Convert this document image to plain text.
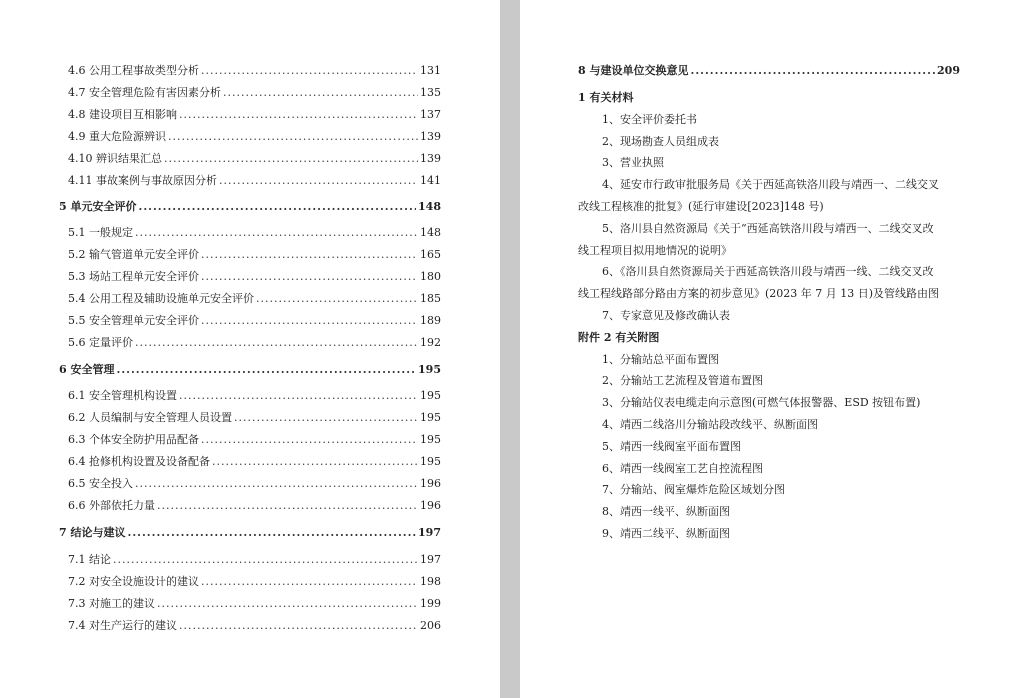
4.6 公用工程事故类型分析 .....	131
4.7 安全管理危险有害因素分析 .....	135
4.8 建设项目互相影响 .....	137
4.9 重大危险源辨识 .....	139
4.10 辨识结果汇总 .....	139
4.11 事故案例与事故原因分析 .....	141
5 单元安全评价 .....	148
5.1 一般规定 .....	148
5.2 输气管道单元安全评价 .....	165
5.3 场站工程单元安全评价 .....	180
5.4 公用工程及辅助设施单元安全评价 .....	185
5.5 安全管理单元安全评价 .....	189
5.6 定量评价 .....	192
6 安全管理 .....	195
6.1 安全管理机构设置 .....	195
6.2 人员编制与安全管理人员设置 .....	195
6.3 个体安全防护用品配备 .....	195
6.4 抢修机构设置及设备配备 .....	195
6.5 安全投入 .....	196
6.6 外部依托力量 .....	196
7 结论与建议 .....	197
7.1 结论 .....	197
7.2 对安全设施设计的建议 .....	198
7.3 对施工的建议 .....	199
7.4 对生产运行的建议 .....	206
8 与建设单位交换意见 .....	209
1 有关材料
1、安全评价委托书
2、现场勘查人员组成表
3、营业执照
4、延安市行政审批服务局《关于西延高铁洛川段与靖西一、二线交叉
改线工程核准的批复》(延行审建设[2023]148 号)
5、洛川县自然资源局《关于“西延高铁洛川段与靖西一、二线交叉改
线工程项目拟用地情况的说明》
6、《洛川县自然资源局关于西延高铁洛川段与靖西一线、二线交叉改
线工程线路部分路由方案的初步意见》(2023 年 7 月 13 日)及管线路由图
7、专家意见及修改确认表
附件 2 有关附图
1、分输站总平面布置图
2、分输站工艺流程及管道布置图
3、分输站仪表电缆走向示意图(可燃气体报警器、ESD 按钮布置)
4、靖西二线洛川分输站段改线平、纵断面图
5、靖西一线阀室平面布置图
6、靖西一线阀室工艺自控流程图
7、分输站、阀室爆炸危险区域划分图
8、靖西一线平、纵断面图
9、靖西二线平、纵断面图
